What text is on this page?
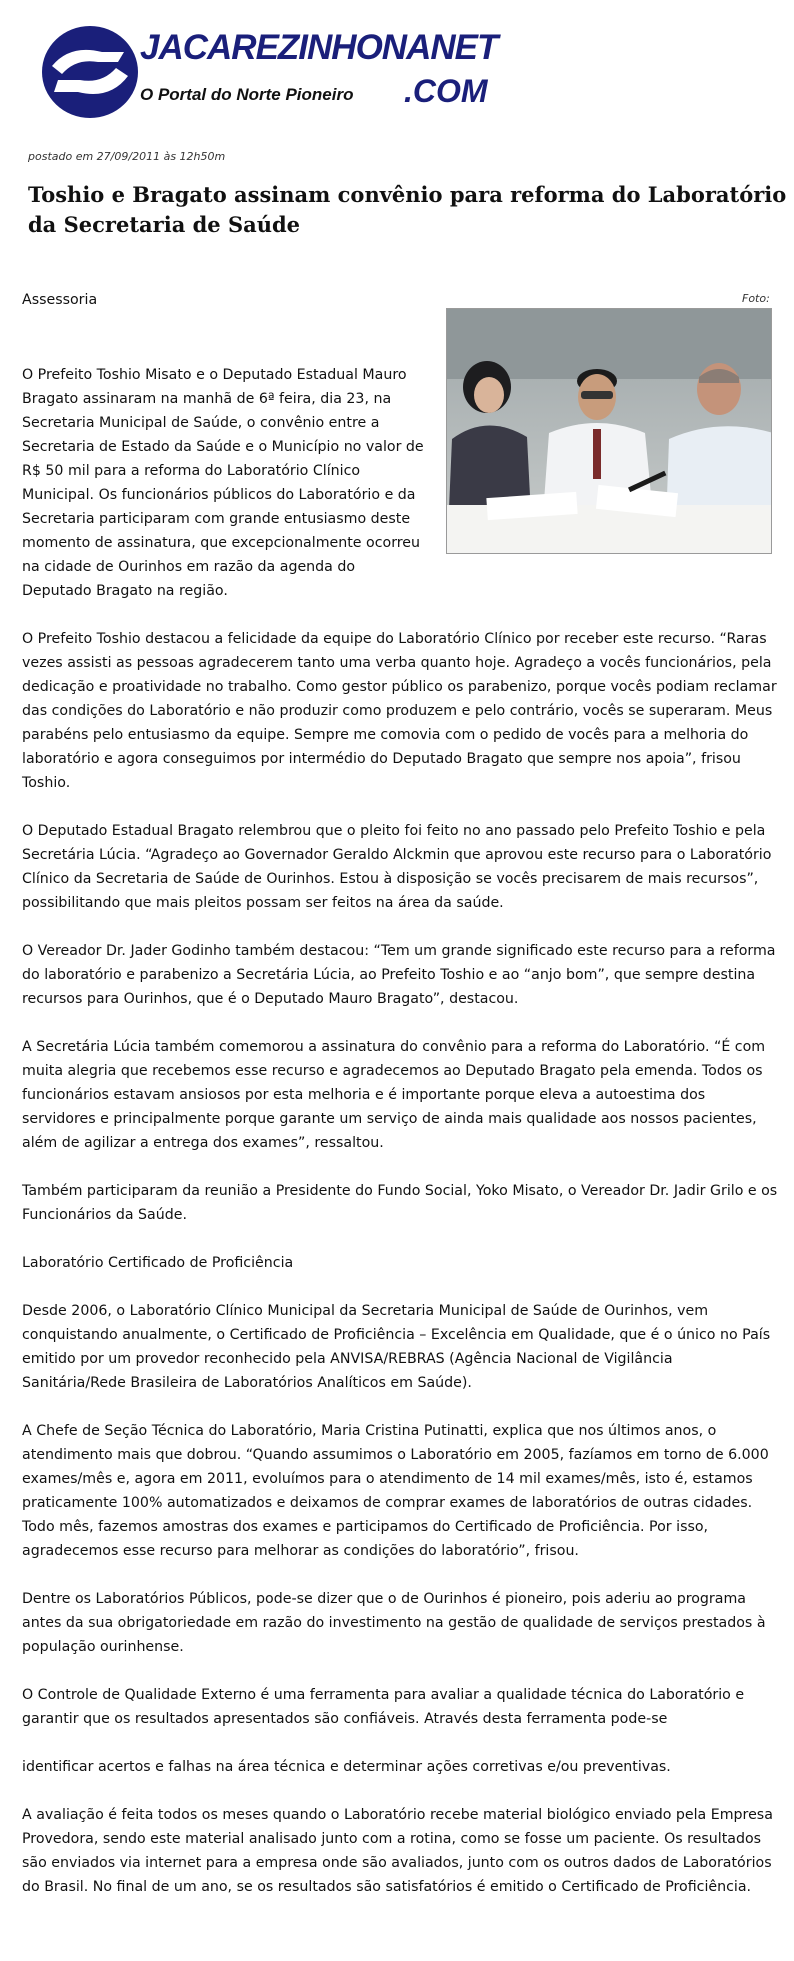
JACAREZINHONANET
O Portal do Norte Pioneiro .COM
postado em 27/09/2011 às 12h50m
Toshio e Bragato assinam convênio para reforma do Laboratório da Secretaria de Saúde
Assessoria	Foto:

O Prefeito Toshio Misato e o Deputado Estadual Mauro Bragato assinaram na manhã de 6ª feira, dia 23, na Secretaria Municipal de Saúde, o convênio entre a Secretaria de Estado da Saúde e o Município no valor de R$ 50 mil para a reforma do Laboratório Clínico Municipal. Os funcionários públicos do Laboratório e da Secretaria participaram com grande entusiasmo deste momento de assinatura, que excepcionalmente ocorreu na cidade de Ourinhos em razão da agenda do Deputado Bragato na região.

O Prefeito Toshio destacou a felicidade da equipe do Laboratório Clínico por receber este recurso. “Raras vezes assisti as pessoas agradecerem tanto uma verba quanto hoje. Agradeço a vocês funcionários, pela dedicação e proatividade no trabalho. Como gestor público os parabenizo, porque vocês podiam reclamar das condições do Laboratório e não produzir como produzem e pelo contrário, vocês se superaram. Meus parabéns pelo entusiasmo da equipe. Sempre me comovia com o pedido de vocês para a melhoria do laboratório e agora conseguimos por intermédio do Deputado Bragato que sempre nos apoia”, frisou Toshio.

O Deputado Estadual Bragato relembrou que o pleito foi feito no ano passado pelo Prefeito Toshio e pela Secretária Lúcia. “Agradeço ao Governador Geraldo Alckmin que aprovou este recurso para o Laboratório Clínico da Secretaria de Saúde de Ourinhos. Estou à disposição se vocês precisarem de mais recursos”, possibilitando que mais pleitos possam ser feitos na área da saúde.

O Vereador Dr. Jader Godinho também destacou: “Tem um grande significado este recurso para a reforma do laboratório e parabenizo a Secretária Lúcia, ao Prefeito Toshio e ao “anjo bom”, que sempre destina recursos para Ourinhos, que é o Deputado Mauro Bragato”, destacou.

A Secretária Lúcia também comemorou a assinatura do convênio para a reforma do Laboratório. “É com muita alegria que recebemos esse recurso e agradecemos ao Deputado Bragato pela emenda. Todos os funcionários estavam ansiosos por esta melhoria e é importante porque eleva a autoestima dos servidores e principalmente porque garante um serviço de ainda mais qualidade aos nossos pacientes, além de agilizar a entrega dos exames”, ressaltou.

Também participaram da reunião a Presidente do Fundo Social, Yoko Misato, o Vereador Dr. Jadir Grilo e os Funcionários da Saúde.

Laboratório Certificado de Proficiência

Desde 2006, o Laboratório Clínico Municipal da Secretaria Municipal de Saúde de Ourinhos, vem conquistando anualmente, o Certificado de Proficiência – Excelência em Qualidade, que é o único no País emitido por um provedor reconhecido pela ANVISA/REBRAS (Agência Nacional de Vigilância Sanitária/Rede Brasileira de Laboratórios Analíticos em Saúde).

A Chefe de Seção Técnica do Laboratório, Maria Cristina Putinatti, explica que nos últimos anos, o atendimento mais que dobrou. “Quando assumimos o Laboratório em 2005, fazíamos em torno de 6.000 exames/mês e, agora em 2011, evoluímos para o atendimento de 14 mil exames/mês, isto é, estamos praticamente 100% automatizados e deixamos de comprar exames de laboratórios de outras cidades. Todo mês, fazemos amostras dos exames e participamos do Certificado de Proficiência. Por isso, agradecemos esse recurso para melhorar as condições do laboratório”, frisou.

Dentre os Laboratórios Públicos, pode-se dizer que o de Ourinhos é pioneiro, pois aderiu ao programa antes da sua obrigatoriedade em razão do investimento na gestão de qualidade de serviços prestados à população ourinhense.

O Controle de Qualidade Externo é uma ferramenta para avaliar a qualidade técnica do Laboratório e garantir que os resultados apresentados são confiáveis. Através desta ferramenta pode-se

identificar acertos e falhas na área técnica e determinar ações corretivas e/ou preventivas.

A avaliação é feita todos os meses quando o Laboratório recebe material biológico enviado pela Empresa Provedora, sendo este material analisado junto com a rotina, como se fosse um paciente. Os resultados são enviados via internet para a empresa onde são avaliados, junto com os outros dados de Laboratórios do Brasil. No final de um ano, se os resultados são satisfatórios é emitido o Certificado de Proficiência.
